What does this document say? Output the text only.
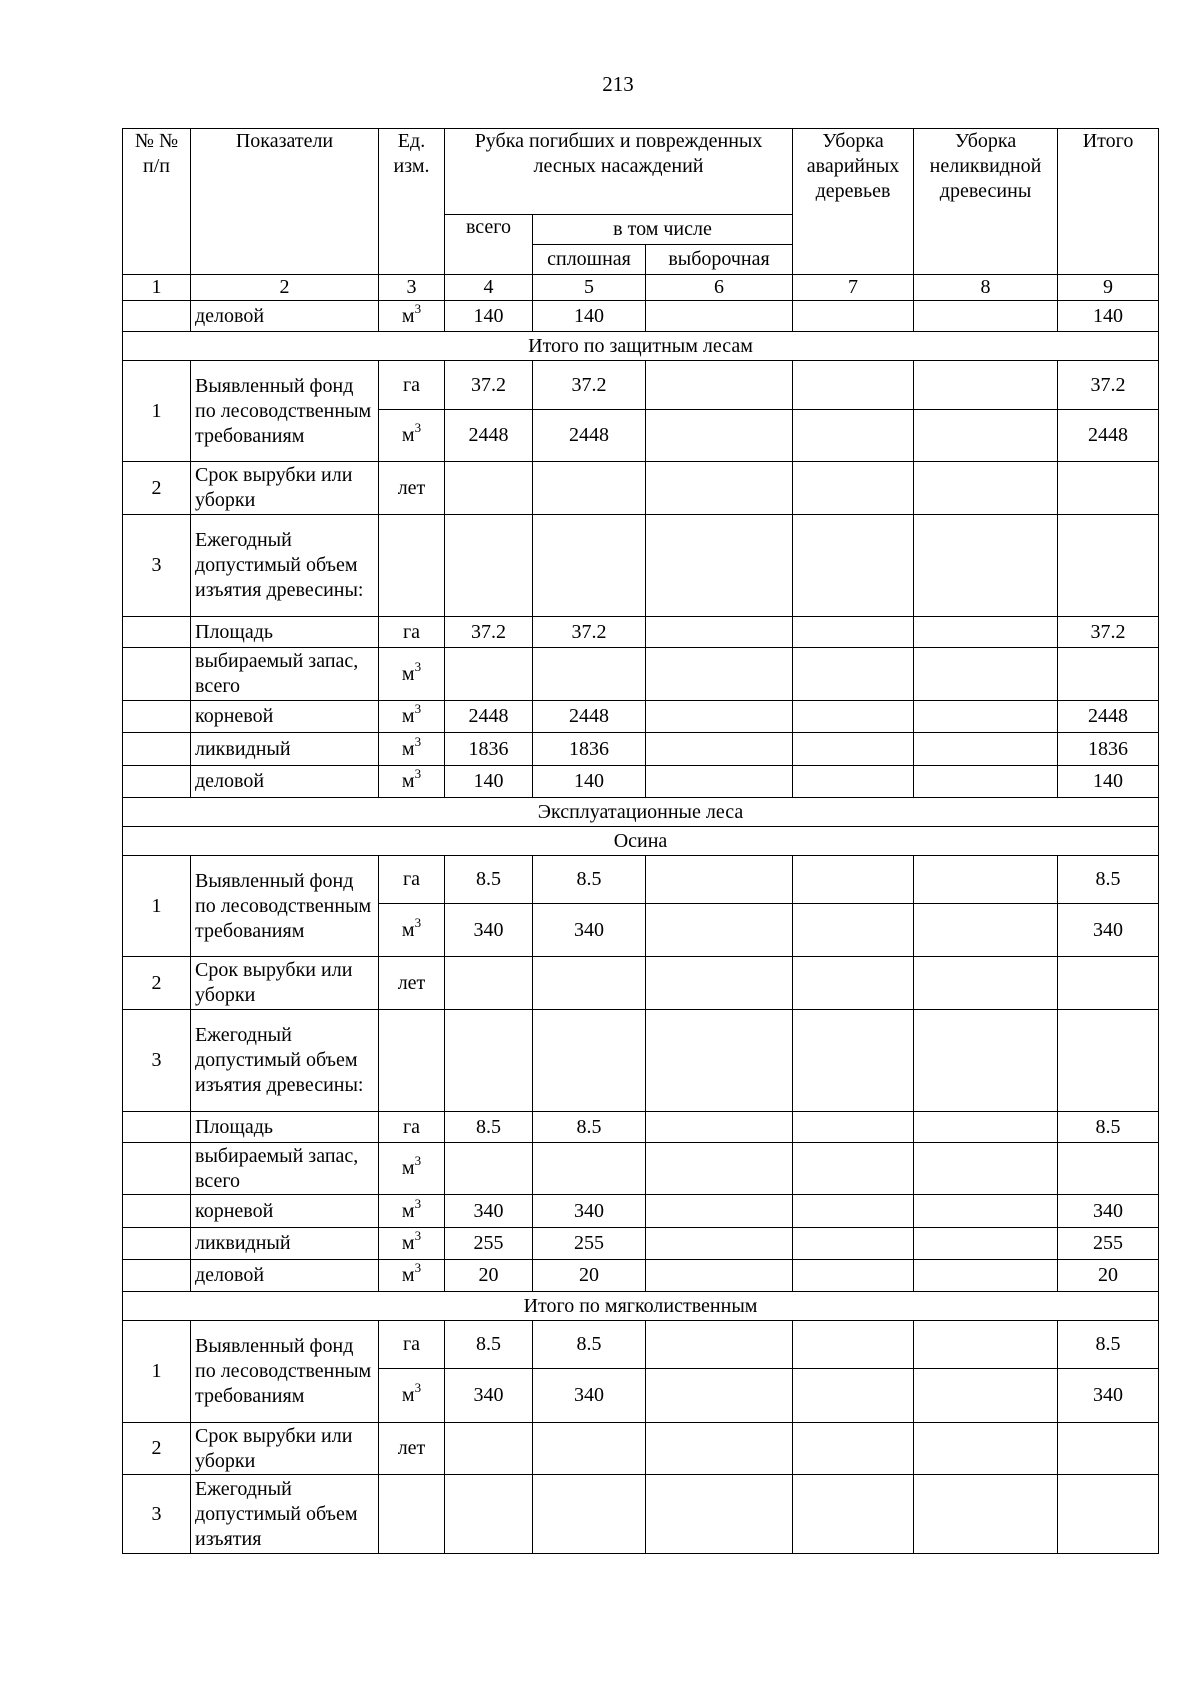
213
№ № п/п	Показатели	Ед. изм.	Рубка погибших и поврежденных лесных насаждений			Уборка аварийных деревьев	Уборка неликвидной древесины	Итого
			всего	в том числе				
				сплошная	выборочная			
1	2	3	4	5	6	7	8	9
	деловой	$м^3$	140	140				140
Итого по защитным лесам								
1	Выявленный фонд по лесоводственным требованиям	га	37.2	37.2				37.2
		$м^3$	2448	2448				2448
2	Срок вырубки или уборки	лет						
3	Ежегодный допустимый объем изъятия древесины:							
	Площадь	га	37.2	37.2				37.2
	выбираемый запас, всего	$м^3$						
	корневой	$м^3$	2448	2448				2448
	ликвидный	$м^3$	1836	1836				1836
	деловой	$м^3$	140	140				140
Эксплуатационные леса								
Осина								
1	Выявленный фонд по лесоводственным требованиям	га	8.5	8.5				8.5
		$м^3$	340	340				340
2	Срок вырубки или уборки	лет						
3	Ежегодный допустимый объем изъятия древесины:							
	Площадь	га	8.5	8.5				8.5
	выбираемый запас, всего	$м^3$						
	корневой	$м^3$	340	340				340
	ликвидный	$м^3$	255	255				255
	деловой	$м^3$	20	20				20
Итого по мягколиственным								
1	Выявленный фонд по лесоводственным требованиям	га	8.5	8.5				8.5
		$м^3$	340	340				340
2	Срок вырубки или уборки	лет						
3	Ежегодный допустимый объем изъятия							
